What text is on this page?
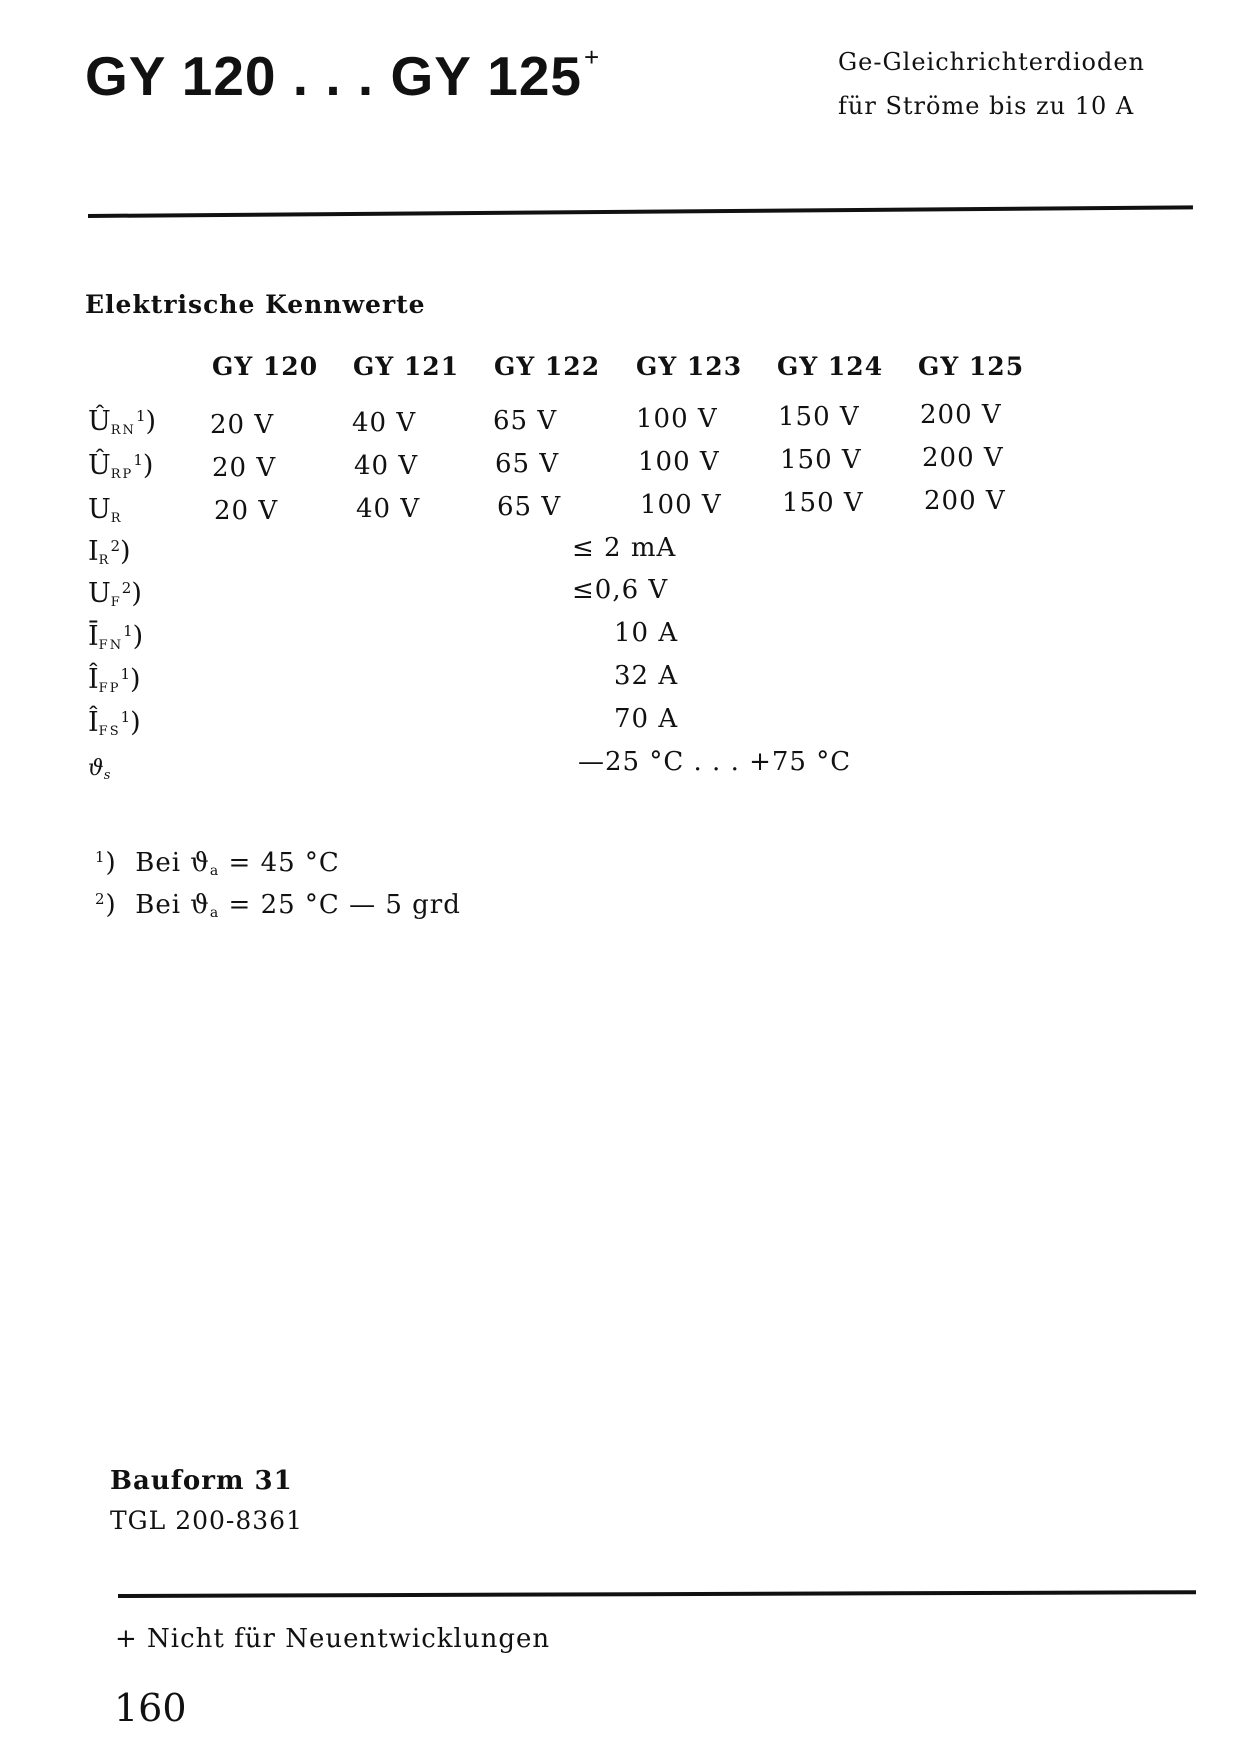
GY 120 . . . GY 125+	Ge-Gleichrichterdioden
für Ströme bis zu 10 A
Elektrische Kennwerte
GY 120 GY 121 GY 122 GY 123 GY 124 GY 125
$Û_{RN}^1$) 20 V	40 V	65 V	100 V 150 V 200 V
$Û_{RP}^1$) 20 V	40 V	65 V	100 V 150 V 200 V
$U_R$	20 V	40 V	65 V	100 V 150 V 200 V
$I_R^2$)	≤ 2 mA
$U_F^2$)	≤0,6 V
$Ī_{FN}^1$)	10 A
$Î_{FP}^1$)	32 A
$Î_{FS}^1$)	70 A
$ϑ_s$	—25 °C . . . +75 °C
$^1$) Bei $ϑ_a = 45$ °C
$^2$) Bei $ϑ_a = 25$ °C — 5 grd
Bauform 31
TGL 200-8361
+ Nicht für Neuentwicklungen
160
